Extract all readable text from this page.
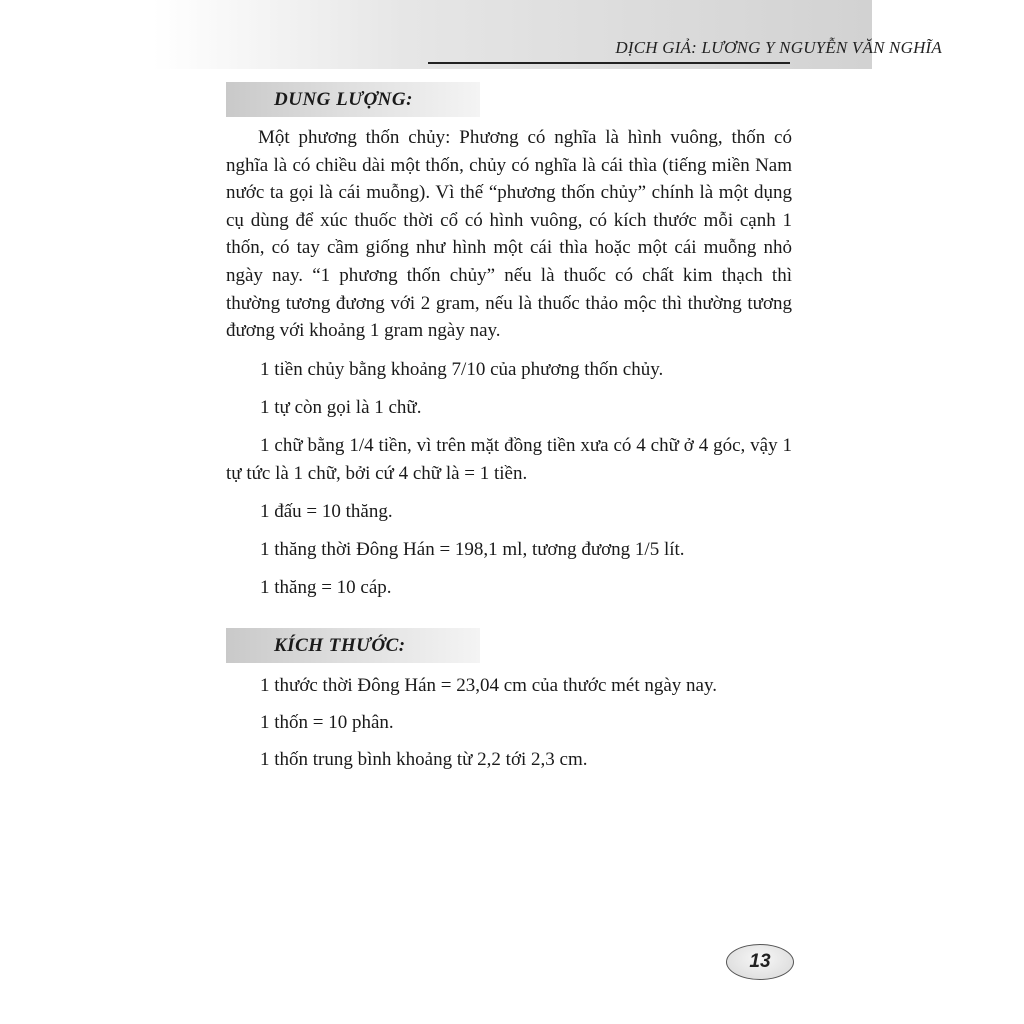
DỊCH GIẢ: LƯƠNG Y NGUYỄN VĂN NGHĨA
DUNG LƯỢNG:

Một phương thốn chủy: Phương có nghĩa là hình vuông, thốn có nghĩa là có chiều dài một thốn, chủy có nghĩa là cái thìa (tiếng miền Nam nước ta gọi là cái muỗng). Vì thế “phương thốn chủy” chính là một dụng cụ dùng để xúc thuốc thời cổ có hình vuông, có kích thước mỗi cạnh 1 thốn, có tay cầm giống như hình một cái thìa hoặc một cái muỗng nhỏ ngày nay. “1 phương thốn chủy” nếu là thuốc có chất kim thạch thì thường tương đương với 2 gram, nếu là thuốc thảo mộc thì thường tương đương với khoảng 1 gram ngày nay.

1 tiền chủy bằng khoảng 7/10 của phương thốn chủy.

1 tự còn gọi là 1 chữ.

1 chữ bằng 1/4 tiền, vì trên mặt đồng tiền xưa có 4 chữ ở 4 góc, vậy 1 tự tức là 1 chữ, bởi cứ 4 chữ là = 1 tiền.

1 đấu = 10 thăng.

1 thăng thời Đông Hán = 198,1 ml, tương đương 1/5 lít.

1 thăng = 10 cáp.

KÍCH THƯỚC:

1 thước thời Đông Hán = 23,04 cm của thước mét ngày nay.

1 thốn = 10 phân.

1 thốn trung bình khoảng từ 2,2 tới 2,3 cm.

13
